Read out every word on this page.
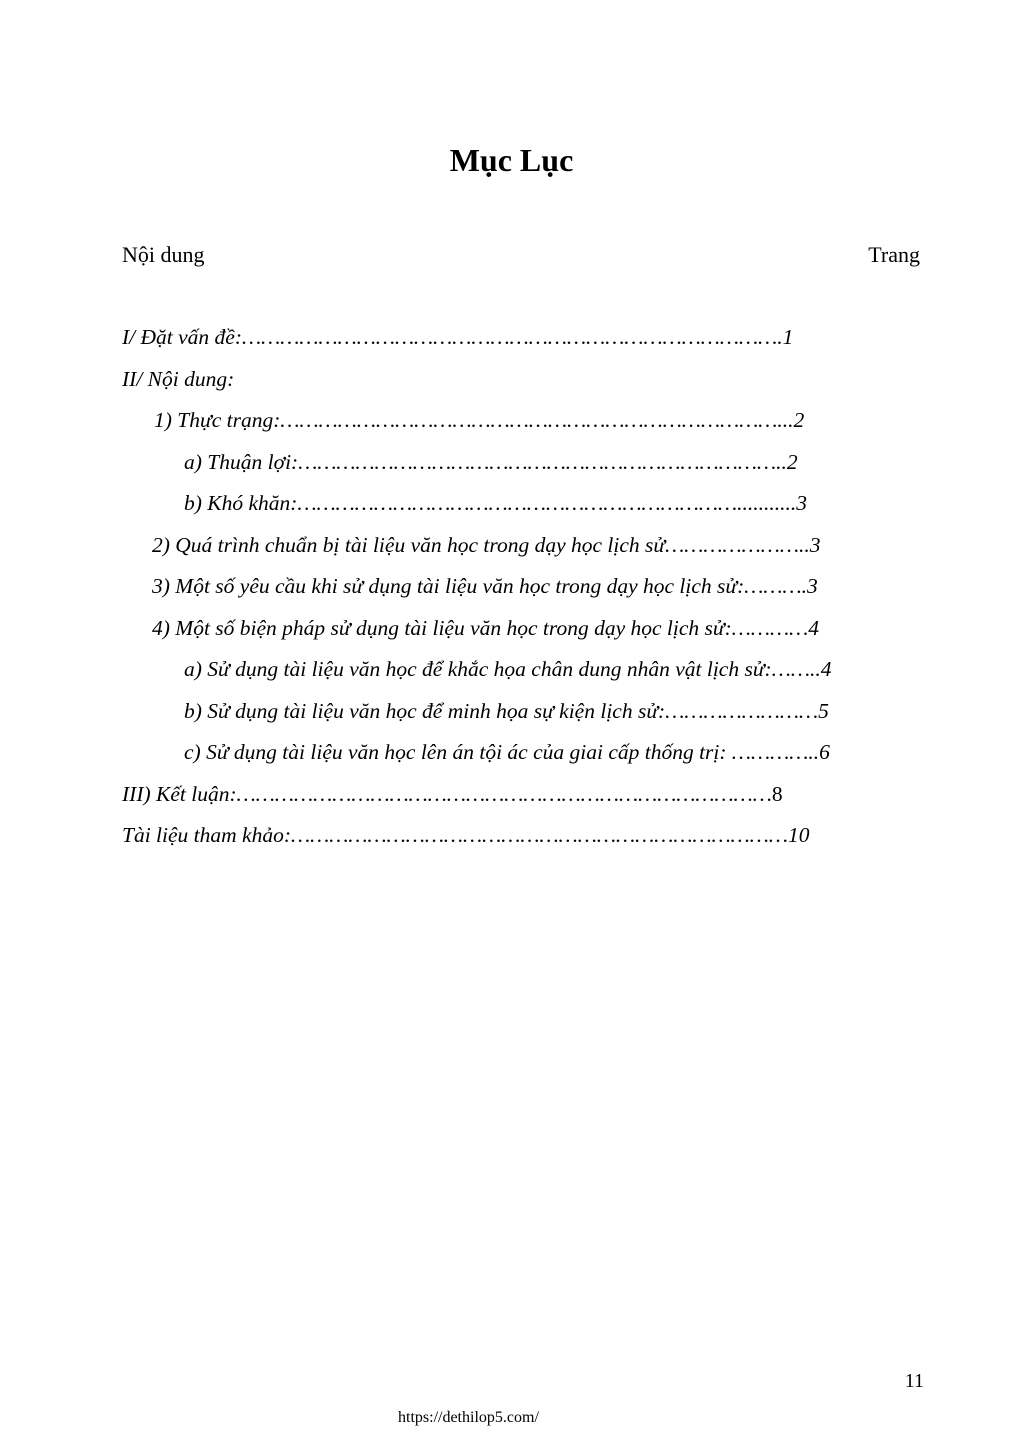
Mục Lục
Nội dung	Trang
I/ Đặt vấn đề:………………………………………………………………………….1
II/ Nội dung:
1) Thực trạng:……………………………………………………………………...2
a) Thuận lợi:…………………………………………………………………..2
b) Khó khăn:……………………………………………………………...........3
2) Quá trình chuẩn bị tài liệu văn học trong dạy học lịch sử…………………..3
3) Một số yêu cầu khi sử dụng tài liệu văn học trong dạy học lịch sử:……….3
4) Một số biện pháp sử dụng tài liệu văn học trong dạy học lịch sử:…………4
a) Sử dụng tài liệu văn học để khắc họa chân dung nhân vật lịch sử:……..4
b) Sử dụng tài liệu văn học để minh họa sự kiện lịch sử:……………………5
c) Sử dụng tài liệu văn học lên án tội ác của giai cấp thống trị: …………..6
III) Kết luận:…………………………………………………………………………8
Tài liệu tham khảo:……………………………………………………………………10
11
https://dethilop5.com/
